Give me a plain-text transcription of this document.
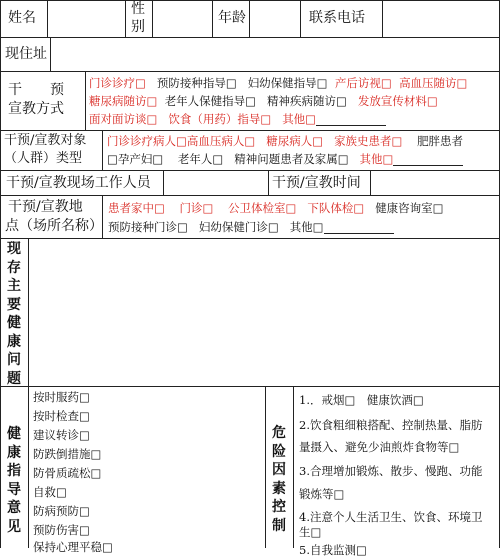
姓名
性
别
年龄	联系电话
现住址
干　　预
宣教方式
门诊诊疗□ 预防接种指导□ 妇幼保健指导□ 产后访视□ 高血压随访□
糖尿病随访□ 老年人保健指导□ 精神疾病随访□ 发放宣传材料□
面对面访谈□ 饮食（用药）指导□ 其他□
干预/宣教对象
（人群）类型
门诊诊疗病人□高血压病人□ 糖尿病人□ 家族史患者□ 肥胖患者
□孕产妇□ 老年人□ 精神问题患者及家属□ 其他□
干预/宣教现场工作人员	干预/宣教时间
干预/宣教地
点（场所名称）
患者家中□ 门诊□ 公卫体检室□ 下队体检□ 健康咨询室□
预防接种门诊□ 妇幼保健门诊□ 其他□
现存主要健康问题
健康指导意见
按时服药□
按时检查□
建议转诊□
防跌倒措施□
防骨质疏松□
自救□
防病预防□
预防伤害□
保持心理平稳□
危险因素控制
1.．戒烟□　健康饮酒□
2.饮食粗细粮搭配、控制热量、脂肪
量摄入、避免少油煎炸食物等□
3.合理增加锻炼、散步、慢跑、功能
锻炼等□
4.注意个人生活卫生、饮食、环境卫
生□
5.自我监测□
